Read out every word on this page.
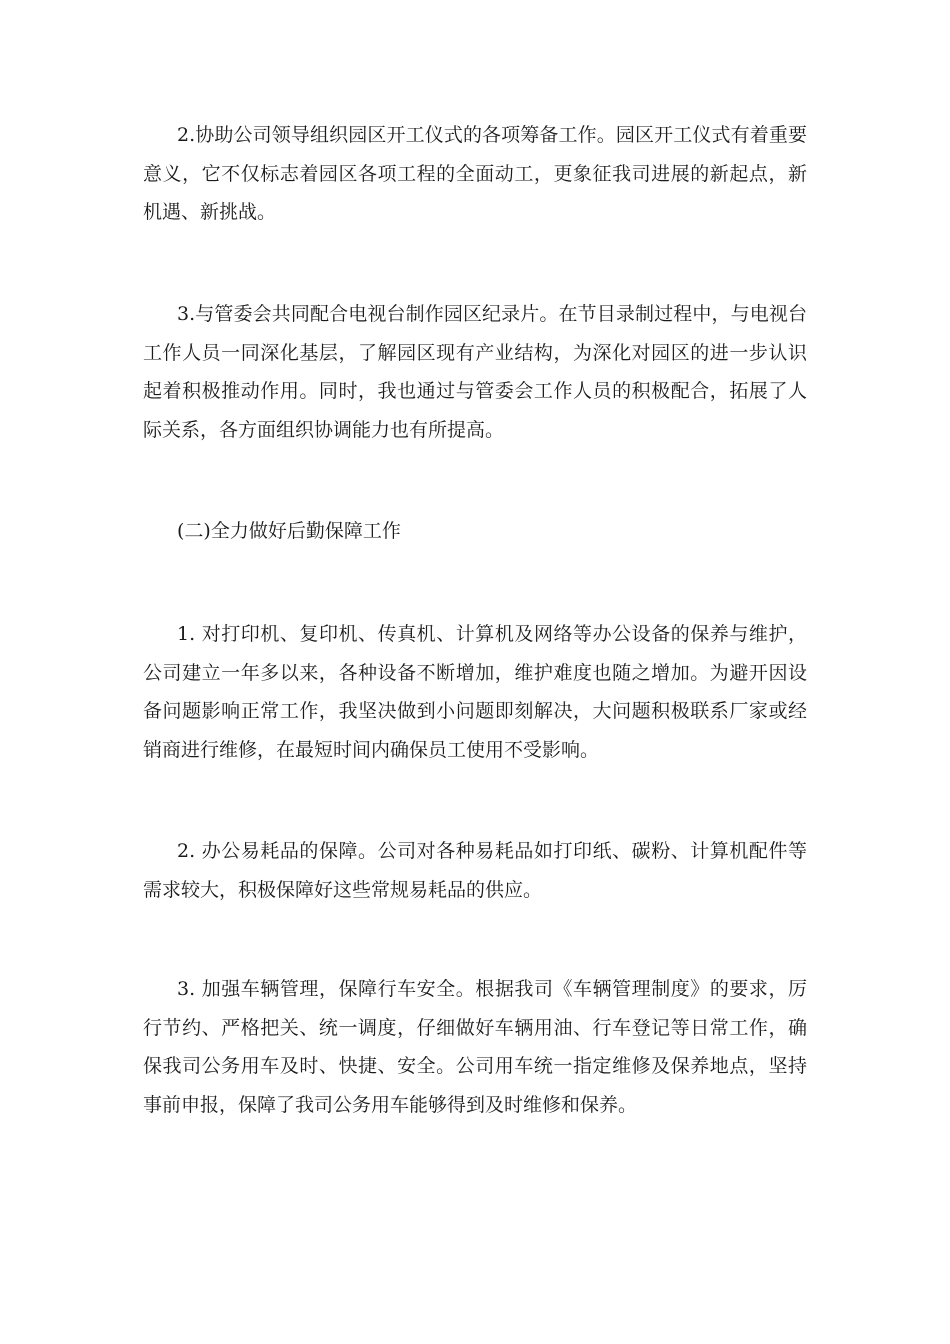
2.协助公司领导组织园区开工仪式的各项筹备工作。园区开工仪式有着重要意义，它不仅标志着园区各项工程的全面动工，更象征我司进展的新起点，新机遇、新挑战。

3.与管委会共同配合电视台制作园区纪录片。在节目录制过程中，与电视台工作人员一同深化基层，了解园区现有产业结构，为深化对园区的进一步认识起着积极推动作用。同时，我也通过与管委会工作人员的积极配合，拓展了人际关系，各方面组织协调能力也有所提高。

(二)全力做好后勤保障工作

1. 对打印机、复印机、传真机、计算机及网络等办公设备的保养与维护，公司建立一年多以来，各种设备不断增加，维护难度也随之增加。为避开因设备问题影响正常工作，我坚决做到小问题即刻解决，大问题积极联系厂家或经销商进行维修，在最短时间内确保员工使用不受影响。

2. 办公易耗品的保障。公司对各种易耗品如打印纸、碳粉、计算机配件等需求较大，积极保障好这些常规易耗品的供应。

3. 加强车辆管理，保障行车安全。根据我司《车辆管理制度》的要求，厉行节约、严格把关、统一调度，仔细做好车辆用油、行车登记等日常工作，确保我司公务用车及时、快捷、安全。公司用车统一指定维修及保养地点，坚持事前申报，保障了我司公务用车能够得到及时维修和保养。
